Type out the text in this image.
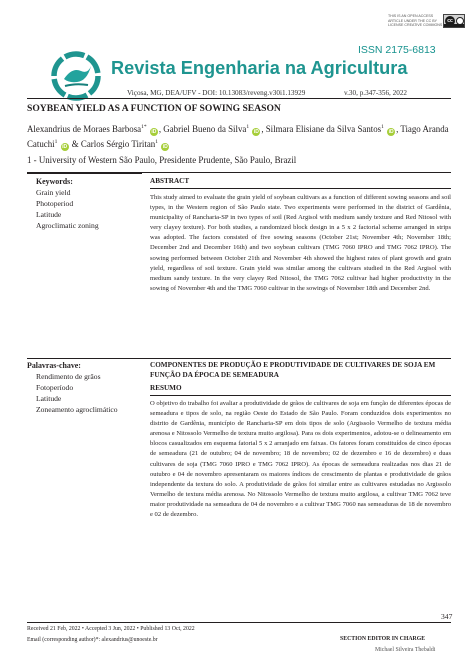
THIS IS AN OPEN ACCESS
ARTICLE UNDER THE CC BY
LICENSE CREATIVE COMMONS
cc
ISSN 2175-6813
Revista Engenharia na Agricultura
Viçosa, MG, DEA/UFV - DOI: 10.13083/reveng.v30i1.13929	v.30, p.347-356, 2022
SOYBEAN YIELD AS A FUNCTION OF SOWING SEASON
Alexandrius de Moraes Barbosa$^{1*}$ iD , Gabriel Bueno da Silva$^1$ iD , Silmara Elisiane da Silva Santos$^1$ iD , Tiago Aranda Catuchi$^1$ iD & Carlos Sérgio Tiritan$^1$ iD
1 - University of Western São Paulo, Presidente Prudente, São Paulo, Brazil
Keywords:
Grain yield
Photoperiod
Latitude
Agroclimatic zoning
ABSTRACT
This study aimed to evaluate the grain yield of soybean cultivars as a function of different sowing seasons and soil types, in the Western region of São Paulo state. Two experiments were performed in the district of Gardênia, municipality of Rancharia-SP in two types of soil (Red Argisol with medium sandy texture and Red Nitosol with very clayey texture). For both studies, a randomized block design in a 5 x 2 factorial scheme arranged in strips was adopted. The factors consisted of five sowing seasons (October 21st; November 4th; November 18th; December 2nd and December 16th) and two soybean cultivars (TMG 7060 IPRO and TMG 7062 IPRO). The sowing performed between October 21th and November 4th showed the highest rates of plant growth and grain yield, regardless of soil texture. Grain yield was similar among the cultivars studied in the Red Argisol with medium sandy texture. In the very clayey Red Nitosol, the TMG 7062 cultivar had higher productivity in the sowing of November 4th and the TMG 7060 cultivar in the sowings of November 18th and December 2nd.
Palavras-chave:
Rendimento de grãos
Fotoperíodo
Latitude
Zoneamento agroclimático
COMPONENTES DE PRODUÇÃO E PRODUTIVIDADE DE CULTIVARES DE SOJA EM FUNÇÃO DA ÉPOCA DE SEMEADURA
RESUMO
O objetivo do trabalho foi avaliar a produtividade de grãos de cultivares de soja em função de diferentes épocas de semeadura e tipos de solo, na região Oeste do Estado de São Paulo. Foram conduzidos dois experimentos no distrito de Gardênia, município de Rancharia-SP em dois tipos de solo (Argissolo Vermelho de textura média arenosa e Nitossolo Vermelho de textura muito argilosa). Para os dois experimentos, adotou-se o delineamento em blocos casualizados em esquema fatorial 5 x 2 arranjado em faixas. Os fatores foram constituídos de cinco épocas de semeadura (21 de outubro; 04 de novembro; 18 de novembro; 02 de dezembro e 16 de dezembro) e duas cultivares de soja (TMG 7060 IPRO e TMG 7062 IPRO). As épocas de semeadura realizadas nos dias 21 de outubro e 04 de novembro apresentaram os maiores índices de crescimento de plantas e produtividade de grãos independente da textura do solo. A produtividade de grãos foi similar entre as cultivares estudadas no Argissolo Vermelho de textura média arenosa. No Nitossolo Vermelho de textura muito argilosa, a cultivar TMG 7062 teve maior produtividade na semeadura de 04 de novembro e a cultivar TMG 7060 nas semeaduras de 18 de novembro e 02 de dezembro.
347
Received 21 Feb, 2022 • Accepted 3 Jun, 2022 • Published 13 Oct, 2022
Email (corresponding author)*: alexandrius@unoeste.br	SECTION EDITOR IN CHARGE
Michael Silveira Thebaldi
